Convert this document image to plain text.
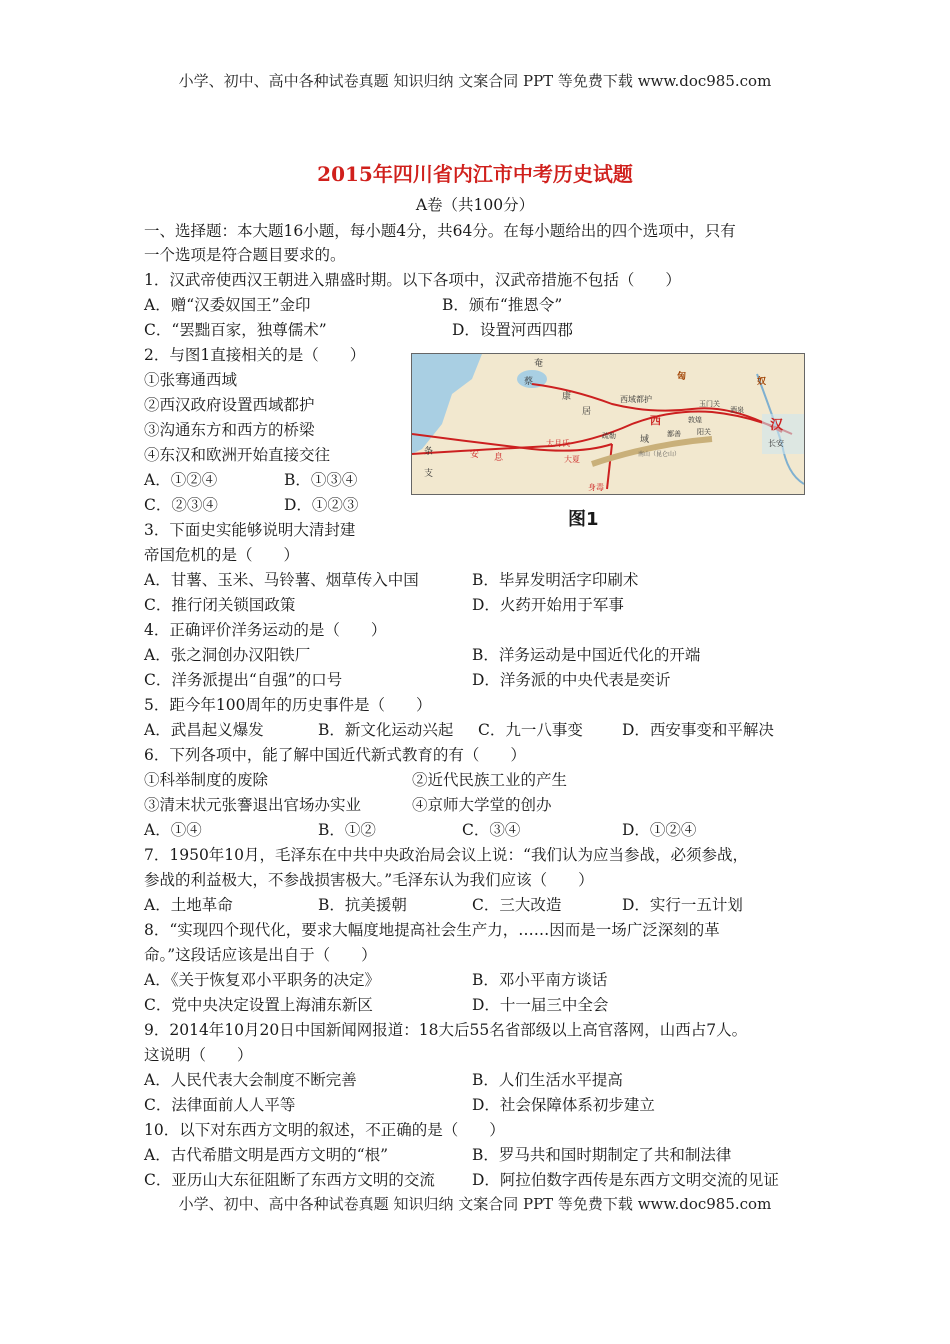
小学、初中、高中各种试卷真题 知识归纳 文案合同 PPT 等免费下载 www.doc985.com
2015年四川省内江市中考历史试题
A卷（共100分）
一、选择题：本大题16小题，每小题4分，共64分。在每小题给出的四个选项中，只有
一个选项是符合题目要求的。
1．汉武帝使西汉王朝进入鼎盛时期。以下各项中，汉武帝措施不包括（　　）
A．赠“汉委奴国王”金印	B．颁布“推恩令”
C．“罢黜百家，独尊儒术”	D．设置河西四郡
2．与图1直接相关的是（　　）
①张骞通西域
②西汉政府设置西域都护
③沟通东方和西方的桥梁
④东汉和欧洲开始直接交往
A．①②④	B．①③④
C．②③④	D．①②③
奄
蔡
康
居
匈	奴
西域都护	玉门关
酒泉
汉
长安
敦煌
鄯善 阳关
西
域
大月氏
安 息
条
支
大夏
身毒
疏勒
南山（昆仑山）
图1
3．下面史实能够说明大清封建
帝国危机的是（　　）
A．甘薯、玉米、马铃薯、烟草传入中国	B．毕昇发明活字印刷术
C．推行闭关锁国政策	D．火药开始用于军事
4．正确评价洋务运动的是（　　）
A．张之洞创办汉阳铁厂	B．洋务运动是中国近代化的开端
C．洋务派提出“自强”的口号	D．洋务派的中央代表是奕䜣
5．距今年100周年的历史事件是（　　）
A．武昌起义爆发	B．新文化运动兴起 C．九一八事变	D．西安事变和平解决
6．下列各项中，能了解中国近代新式教育的有（　　）
①科举制度的废除	②近代民族工业的产生
③清末状元张謇退出官场办实业	④京师大学堂的创办
A．①④	B．①②	C．③④	D．①②④
7．1950年10月，毛泽东在中共中央政治局会议上说：“我们认为应当参战，必须参战，
参战的利益极大，不参战损害极大。”毛泽东认为我们应该（　　）
A．土地革命	B．抗美援朝	C．三大改造	D．实行一五计划
8．“实现四个现代化，要求大幅度地提高社会生产力，……因而是一场广泛深刻的革
命。”这段话应该是出自于（　　）
A．《关于恢复邓小平职务的决定》	B．邓小平南方谈话
C．党中央决定设置上海浦东新区	D．十一届三中全会
9．2014年10月20日中国新闻网报道：18大后55名省部级以上高官落网，山西占7人。
这说明（　　）
A．人民代表大会制度不断完善	B．人们生活水平提高
C．法律面前人人平等	D．社会保障体系初步建立
10．以下对东西方文明的叙述，不正确的是（　　）
A．古代希腊文明是西方文明的“根”	B．罗马共和国时期制定了共和制法律
C．亚历山大东征阻断了东西方文明的交流 D．阿拉伯数字西传是东西方文明交流的见证
小学、初中、高中各种试卷真题 知识归纳 文案合同 PPT 等免费下载 www.doc985.com
